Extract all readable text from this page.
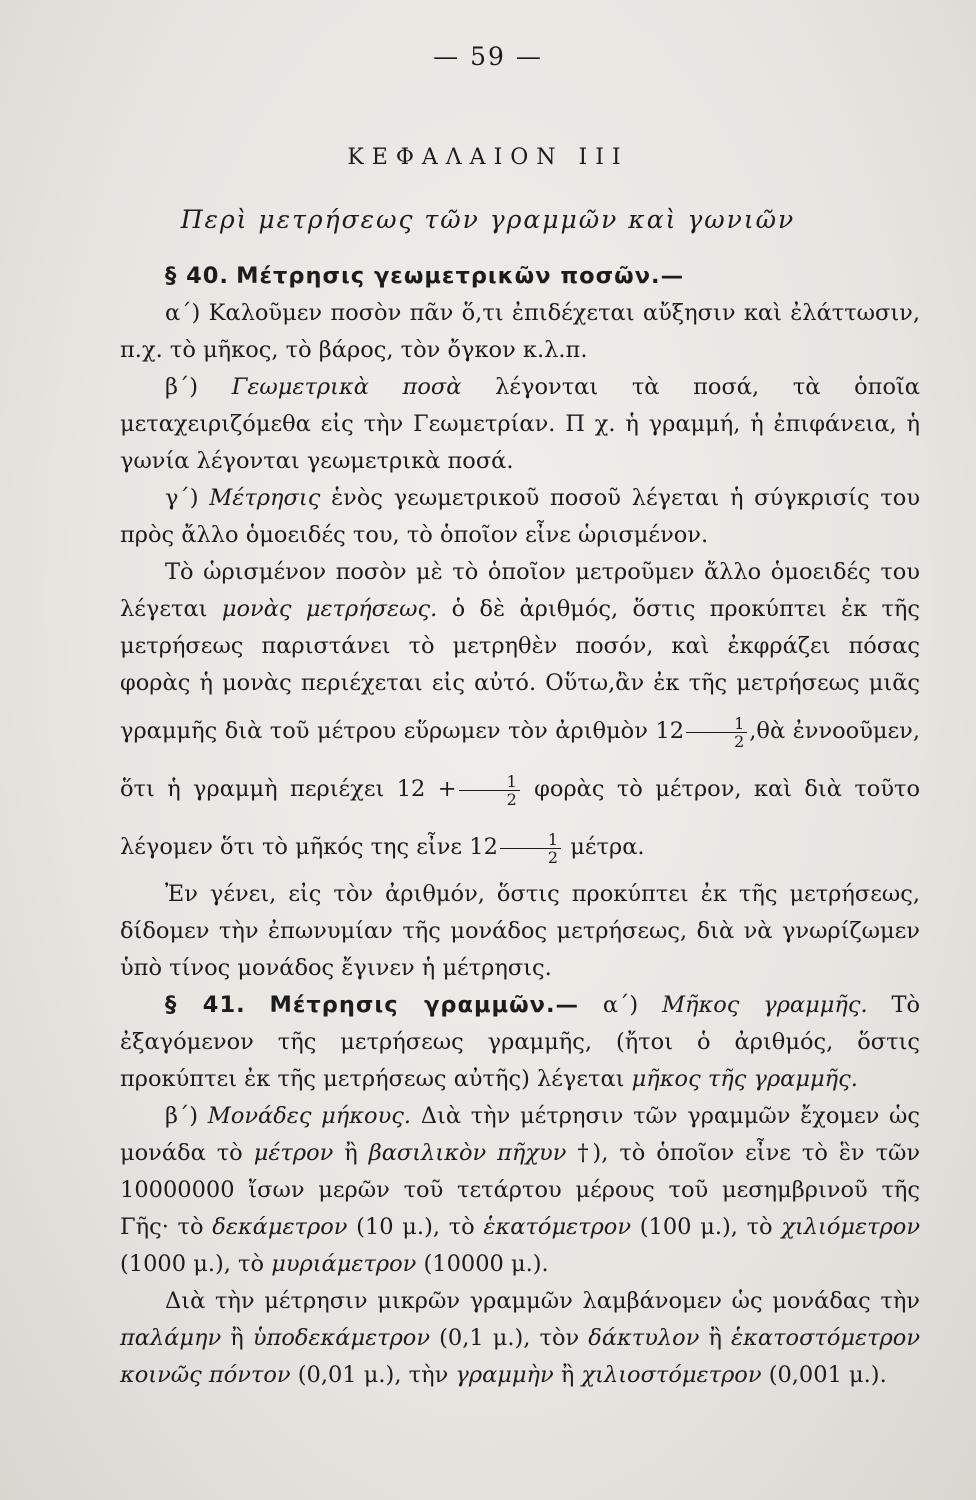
— 59 —
ΚΕΦΑΛΑΙΟΝ III
Περὶ μετρήσεως τῶν γραμμῶν καὶ γωνιῶν

§ 40. Μέτρησις γεωμετρικῶν ποσῶν.—

α΄) Καλοῦμεν ποσὸν πᾶν ὅ,τι ἐπιδέχεται αὔξησιν καὶ ἐλάττωσιν, π.χ. τὸ μῆκος, τὸ βάρος, τὸν ὄγκον κ.λ.π.

β΄) Γεωμετρικὰ ποσὰ λέγονται τὰ ποσά, τὰ ὁποῖα μεταχειριζόμεθα εἰς τὴν Γεωμετρίαν. Π χ. ἡ γραμμή, ἡ ἐπιφάνεια, ἡ γωνία λέγονται γεωμετρικὰ ποσά.

γ΄) Μέτρησις ἑνὸς γεωμετρικοῦ ποσοῦ λέγεται ἡ σύγκρισίς του πρὸς ἄλλο ὁμοειδές του, τὸ ὁποῖον εἶνε ὡρισμένον.

Τὸ ὡρισμένον ποσὸν μὲ τὸ ὁποῖον μετροῦμεν ἄλλο ὁμοειδές του λέγεται μονὰς μετρήσεως. ὁ δὲ ἀριθμός, ὅστις προκύπτει ἐκ τῆς μετρήσεως παριστάνει τὸ μετρηθὲν ποσόν, καὶ ἐκφράζει πόσας φορὰς ἡ μονὰς περιέχεται εἰς αὐτό. Οὕτω,ἂν ἐκ τῆς μετρήσεως μιᾶς γραμμῆς διὰ τοῦ μέτρου εὕρωμεν τὸν ἀριθμὸν $12 \frac{1}{2}$ ,θὰ ἐννοοῦμεν, ὅτι ἡ γραμμὴ περιέχει $12 + \frac{1}{2}$ φορὰς τὸ μέτρον, καὶ διὰ τοῦτο λέγομεν ὅτι τὸ μῆκός της εἶνε $12 \frac{1}{2} \mu έ\tau\rho\alpha$.

Ἐν γένει, εἰς τὸν ἀριθμόν, ὅστις προκύπτει ἐκ τῆς μετρήσεως, δίδομεν τὴν ἐπωνυμίαν τῆς μονάδος μετρήσεως, διὰ νὰ γνωρίζωμεν ὑπὸ τίνος μονάδος ἔγινεν ἡ μέτρησις.

§ 41. Μέτρησις γραμμῶν.— α΄) Μῆκος γραμμῆς. Τὸ ἐξαγόμενον τῆς μετρήσεως γραμμῆς, (ἤτοι ὁ ἀριθμός, ὅστις προκύπτει ἐκ τῆς μετρήσεως αὐτῆς) λέγεται μῆκος τῆς γραμμῆς.

β΄) Μονάδες μήκους. Διὰ τὴν μέτρησιν τῶν γραμμῶν ἔχομεν ὡς μονάδα τὸ μέτρον ἢ βασιλικὸν πῆχυν †), τὸ ὁποῖον εἶνε τὸ ἓν τῶν 10000000 ἴσων μερῶν τοῦ τετάρτου μέρους τοῦ μεσημβρινοῦ τῆς Γῆς· τὸ δεκάμετρον (10 μ.), τὸ ἑκατόμετρον (100 μ.), τὸ χιλιόμετρον (1000 μ.), τὸ μυριάμετρον (10000 μ.).

Διὰ τὴν μέτρησιν μικρῶν γραμμῶν λαμβάνομεν ὡς μονάδας τὴν παλάμην ἢ ὑποδεκάμετρον (0,1 μ.), τὸν δάκτυλον ἢ ἑκατοστόμετρον κοινῶς πόντον (0,01 μ.), τὴν γραμμὴν ἢ χιλιοστόμετρον (0,001 μ.).
